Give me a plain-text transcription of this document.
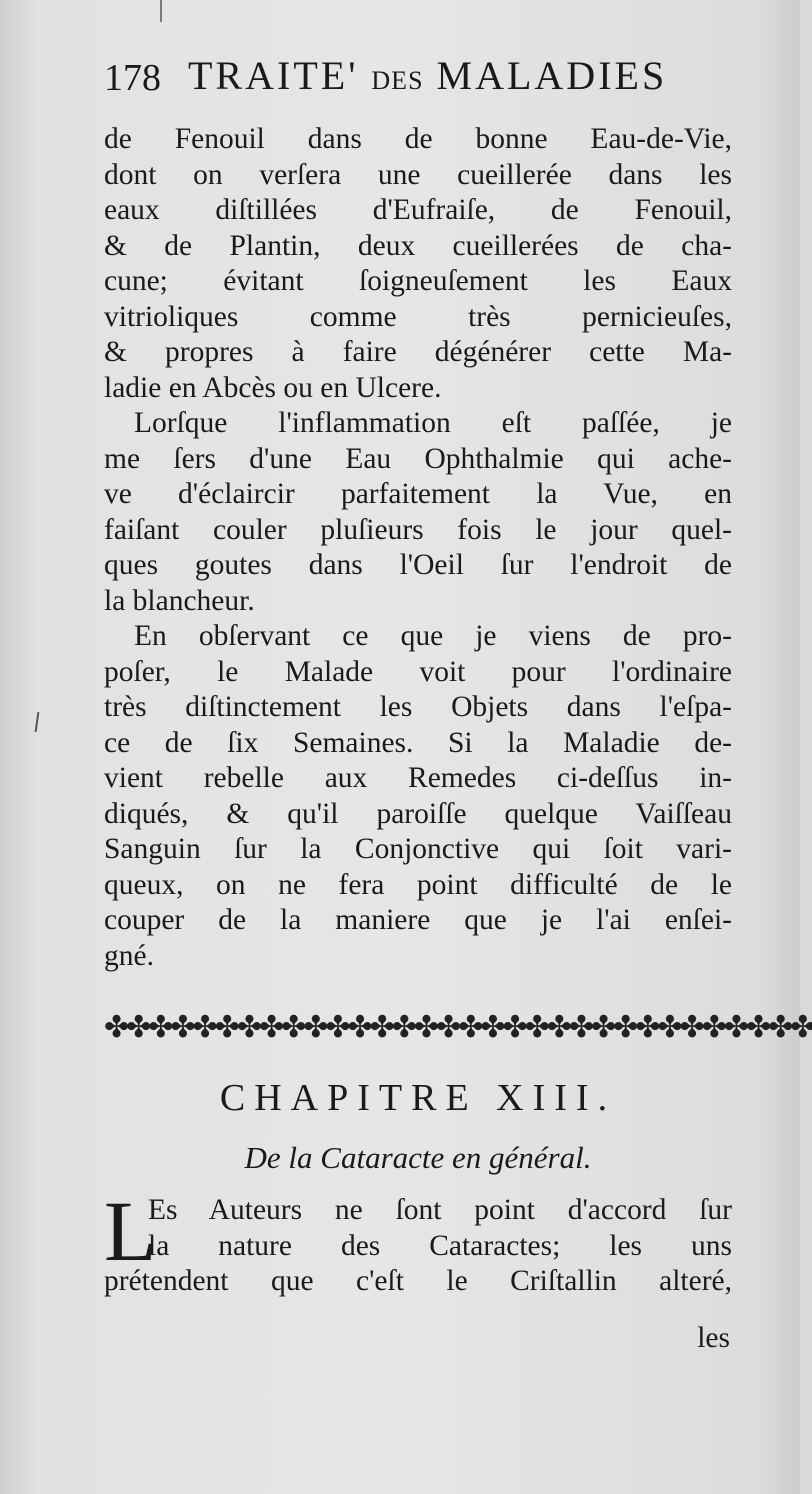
178 TRAITE' DES MALADIES
de Fenouil dans de bonne Eau-de-Vie,
dont on verſera une cueillerée dans les
eaux diſtillées d'Eufraiſe, de Fenouil,
& de Plantin, deux cueillerées de cha-
cune; évitant ſoigneuſement les Eaux
vitrioliques comme très pernicieuſes,
& propres à faire dégénérer cette Ma-
ladie en Abcès ou en Ulcere.
Lorſque l'inflammation eſt paſſée, je
me ſers d'une Eau Ophthalmie qui ache-
ve d'éclaircir parfaitement la Vue, en
faiſant couler pluſieurs fois le jour quel-
ques goutes dans l'Oeil ſur l'endroit de
la blancheur.
En obſervant ce que je viens de pro-
poſer, le Malade voit pour l'ordinaire
très diſtinctement les Objets dans l'eſpa-
ce de ſix Semaines. Si la Maladie de-
vient rebelle aux Remedes ci-deſſus in-
diqués, & qu'il paroiſſe quelque Vaiſſeau
Sanguin ſur la Conjonctive qui ſoit vari-
queux, on ne fera point difficulté de le
couper de la maniere que je l'ai enſei-
gné.
✤✤✤✤✤✤✤✤✤✤✤✤✤✤✤✤✤✤✤✤✤✤✤✤✤✤✤✤✤✤✤✤
CHAPITRE XIII.
De la Cataracte en général.
L
Es Auteurs ne ſont point d'accord ſur
la nature des Cataractes; les uns
prétendent que c'eſt le Criſtallin alteré,
les
